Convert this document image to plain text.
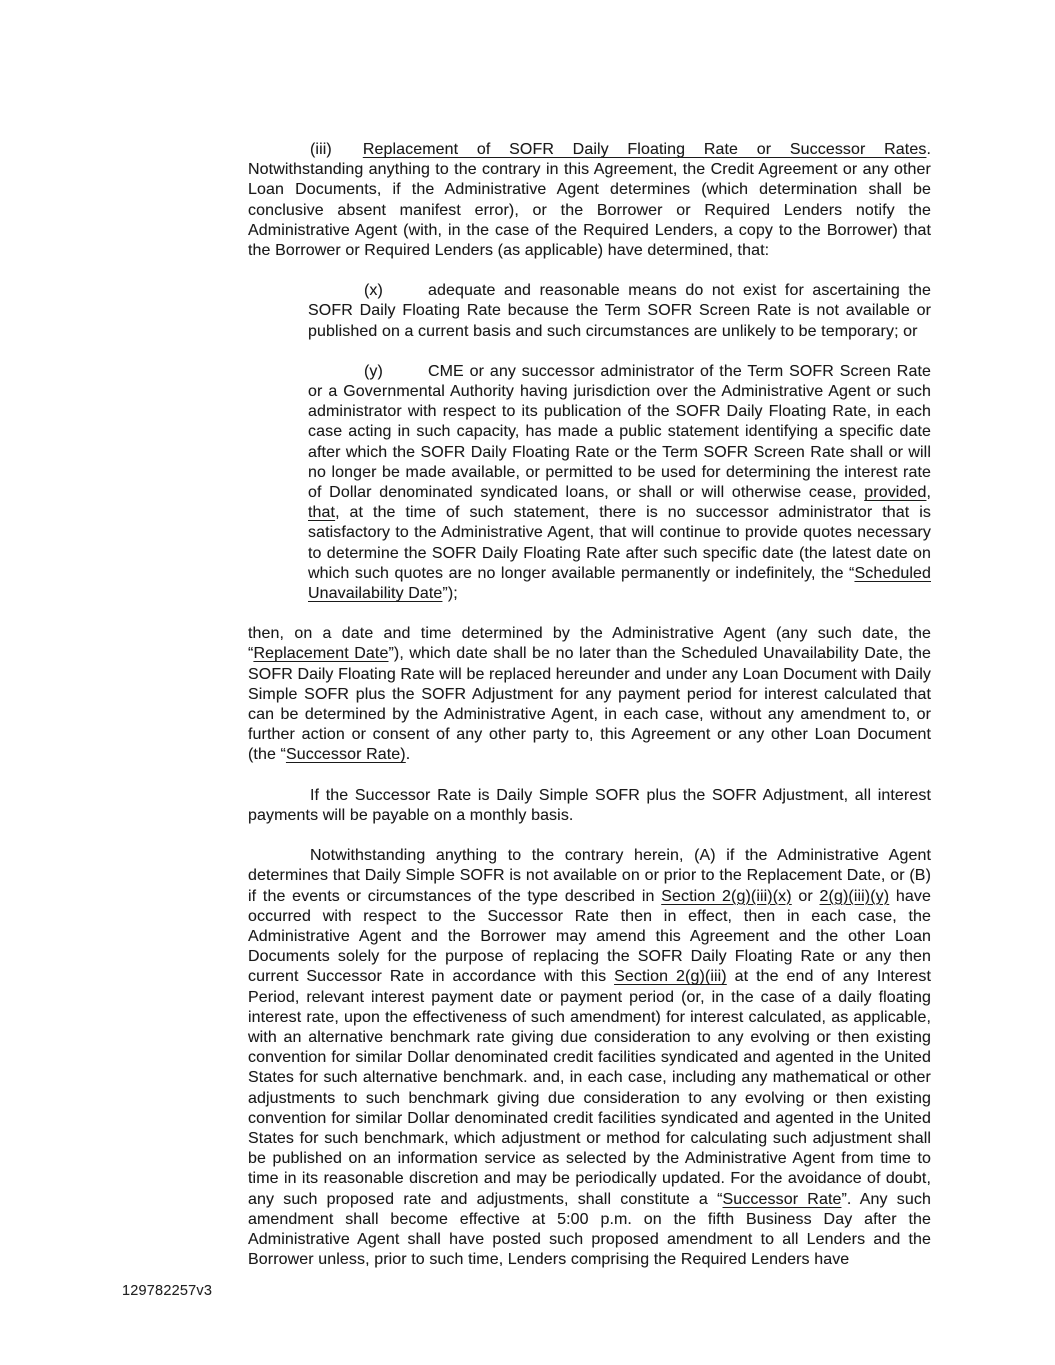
(iii) Replacement of SOFR Daily Floating Rate or Successor Rates. Notwithstanding anything to the contrary in this Agreement, the Credit Agreement or any other Loan Documents, if the Administrative Agent determines (which determination shall be conclusive absent manifest error), or the Borrower or Required Lenders notify the Administrative Agent (with, in the case of the Required Lenders, a copy to the Borrower) that the Borrower or Required Lenders (as applicable) have determined, that:

(x)	adequate and reasonable means do not exist for ascertaining the SOFR Daily Floating Rate because the Term SOFR Screen Rate is not available or published on a current basis and such circumstances are unlikely to be temporary; or

(y)	CME or any successor administrator of the Term SOFR Screen Rate or a Governmental Authority having jurisdiction over the Administrative Agent or such administrator with respect to its publication of the SOFR Daily Floating Rate, in each case acting in such capacity, has made a public statement identifying a specific date after which the SOFR Daily Floating Rate or the Term SOFR Screen Rate shall or will no longer be made available, or permitted to be used for determining the interest rate of Dollar denominated syndicated loans, or shall or will otherwise cease, provided, that, at the time of such statement, there is no successor administrator that is satisfactory to the Administrative Agent, that will continue to provide quotes necessary to determine the SOFR Daily Floating Rate after such specific date (the latest date on which such quotes are no longer available permanently or indefinitely, the “Scheduled Unavailability Date”);

then, on a date and time determined by the Administrative Agent (any such date, the “Replacement Date”), which date shall be no later than the Scheduled Unavailability Date, the SOFR Daily Floating Rate will be replaced hereunder and under any Loan Document with Daily Simple SOFR plus the SOFR Adjustment for any payment period for interest calculated that can be determined by the Administrative Agent, in each case, without any amendment to, or further action or consent of any other party to, this Agreement or any other Loan Document (the “Successor Rate).

If the Successor Rate is Daily Simple SOFR plus the SOFR Adjustment, all interest payments will be payable on a monthly basis.

Notwithstanding anything to the contrary herein, (A) if the Administrative Agent determines that Daily Simple SOFR is not available on or prior to the Replacement Date, or (B) if the events or circumstances of the type described in Section 2(g)(iii)(x) or 2(g)(iii)(y) have occurred with respect to the Successor Rate then in effect, then in each case, the Administrative Agent and the Borrower may amend this Agreement and the other Loan Documents solely for the purpose of replacing the SOFR Daily Floating Rate or any then current Successor Rate in accordance with this Section 2(g)(iii) at the end of any Interest Period, relevant interest payment date or payment period (or, in the case of a daily floating interest rate, upon the effectiveness of such amendment) for interest calculated, as applicable, with an alternative benchmark rate giving due consideration to any evolving or then existing convention for similar Dollar denominated credit facilities syndicated and agented in the United States for such alternative benchmark. and, in each case, including any mathematical or other adjustments to such benchmark giving due consideration to any evolving or then existing convention for similar Dollar denominated credit facilities syndicated and agented in the United States for such benchmark, which adjustment or method for calculating such adjustment shall be published on an information service as selected by the Administrative Agent from time to time in its reasonable discretion and may be periodically updated. For the avoidance of doubt, any such proposed rate and adjustments, shall constitute a “Successor Rate”. Any such amendment shall become effective at 5:00 p.m. on the fifth Business Day after the Administrative Agent shall have posted such proposed amendment to all Lenders and the Borrower unless, prior to such time, Lenders comprising the Required Lenders have

129782257v3
